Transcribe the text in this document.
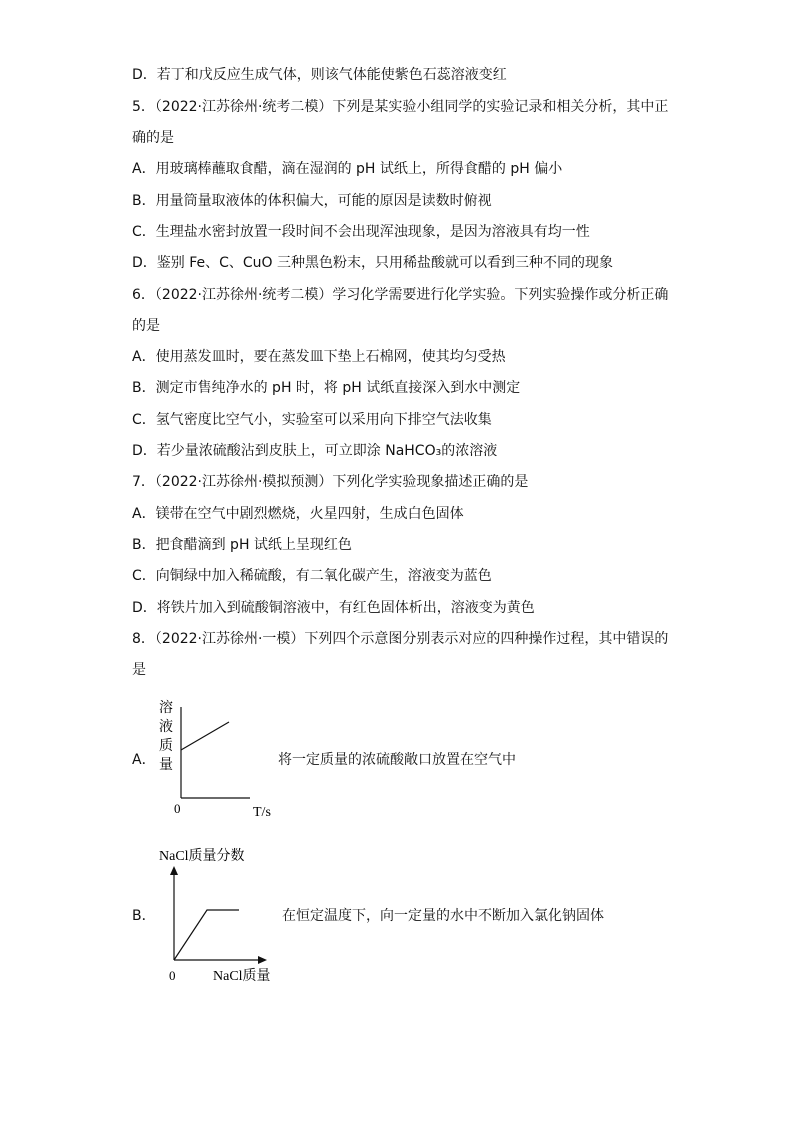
D．若丁和戊反应生成气体，则该气体能使紫色石蕊溶液变红
5．（2022·江苏徐州·统考二模）下列是某实验小组同学的实验记录和相关分析，其中正
确的是
A．用玻璃棒蘸取食醋，滴在湿润的 pH 试纸上，所得食醋的 pH 偏小
B．用量筒量取液体的体积偏大，可能的原因是读数时俯视
C．生理盐水密封放置一段时间不会出现浑浊现象，是因为溶液具有均一性
D．鉴别 Fe、C、CuO 三种黑色粉末，只用稀盐酸就可以看到三种不同的现象
6．（2022·江苏徐州·统考二模）学习化学需要进行化学实验。下列实验操作或分析正确
的是
A．使用蒸发皿时，要在蒸发皿下垫上石棉网，使其均匀受热
B．测定市售纯净水的 pH 时，将 pH 试纸直接深入到水中测定
C．氢气密度比空气小，实验室可以采用向下排空气法收集
D．若少量浓硫酸沾到皮肤上，可立即涂 NaHCO₃的浓溶液
7．（2022·江苏徐州·模拟预测）下列化学实验现象描述正确的是
A．镁带在空气中剧烈燃烧，火星四射，生成白色固体
B．把食醋滴到 pH 试纸上呈现红色
C．向铜绿中加入稀硫酸，有二氧化碳产生，溶液变为蓝色
D．将铁片加入到硫酸铜溶液中，有红色固体析出，溶液变为黄色
8．（2022·江苏徐州·一模）下列四个示意图分别表示对应的四种操作过程，其中错误的
是
A．
溶
液
质
量
0	T/s
将一定质量的浓硫酸敞口放置在空气中
B．
NaCl质量分数
0	NaCl质量
在恒定温度下，向一定量的水中不断加入氯化钠固体
